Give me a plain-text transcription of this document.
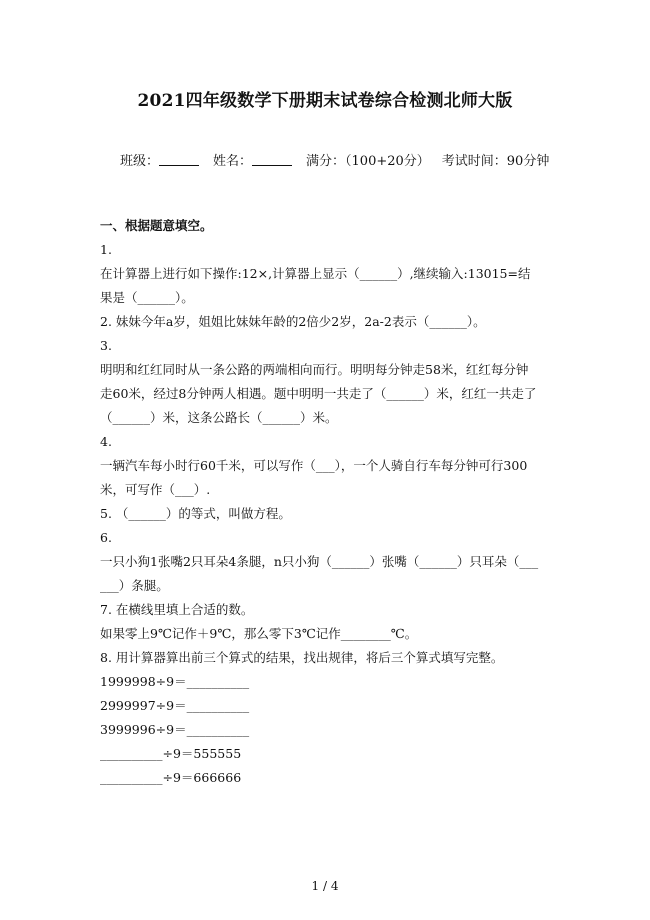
2021四年级数学下册期末试卷综合检测北师大版
班级：	姓名：	满分：（100+20分） 考试时间：90分钟
一、根据题意填空。
1.
在计算器上进行如下操作:12×,计算器上显示（______）,继续输入:13015=结
果是（______）。
2. 妹妹今年a岁，姐姐比妹妹年龄的2倍少2岁，2a-2表示（______）。
3.
明明和红红同时从一条公路的两端相向而行。明明每分钟走58米，红红每分钟
走60米，经过8分钟两人相遇。题中明明一共走了（______）米，红红一共走了
（______）米，这条公路长（______）米。
4.
一辆汽车每小时行60千米，可以写作（___），一个人骑自行车每分钟可行300
米，可写作（___）.
5. （______）的等式，叫做方程。
6.
一只小狗1张嘴2只耳朵4条腿，n只小狗（______）张嘴（______）只耳朵（___
___）条腿。
7. 在横线里填上合适的数。
如果零上9℃记作＋9℃，那么零下3℃记作________℃。
8. 用计算器算出前三个算式的结果，找出规律，将后三个算式填写完整。
1999998÷9＝__________
2999997÷9＝__________
3999996÷9＝__________
__________÷9＝555555
__________÷9＝666666
1 / 4
